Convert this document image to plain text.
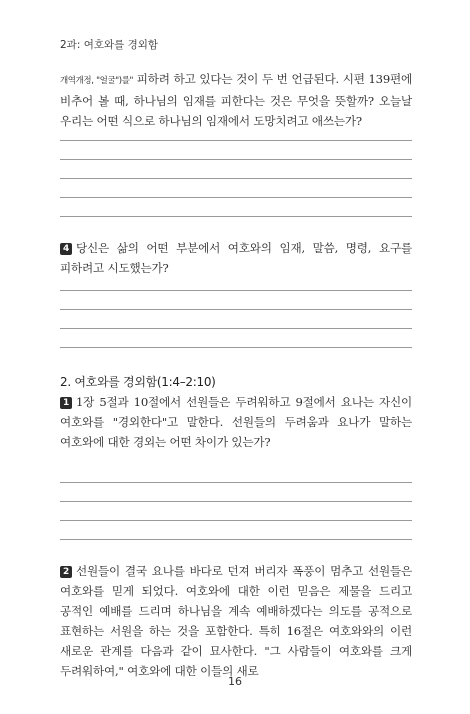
2과: 여호와를 경외함
개역개정, "얼굴")를" 피하려 하고 있다는 것이 두 번 언급된다. 시편 139편에 비추어 볼 때, 하나님의 임재를 피한다는 것은 무엇을 뜻할까? 오늘날 우리는 어떤 식으로 하나님의 임재에서 도망치려고 애쓰는가?
4 당신은 삶의 어떤 부분에서 여호와의 임재, 말씀, 명령, 요구를 피하려고 시도했는가?
2. 여호와를 경외함(1:4–2:10)
1 1장 5절과 10절에서 선원들은 두려워하고 9절에서 요나는 자신이 여호와를 "경외한다"고 말한다. 선원들의 두려움과 요나가 말하는 여호와에 대한 경외는 어떤 차이가 있는가?
2 선원들이 결국 요나를 바다로 던져 버리자 폭풍이 멈추고 선원들은 여호와를 믿게 되었다. 여호와에 대한 이런 믿음은 제물을 드리고 공적인 예배를 드리며 하나님을 계속 예배하겠다는 의도를 공적으로 표현하는 서원을 하는 것을 포함한다. 특히 16절은 여호와와의 이런 새로운 관계를 다음과 같이 묘사한다. "그 사람들이 여호와를 크게 두려워하여," 여호와에 대한 이들의 새로
16
